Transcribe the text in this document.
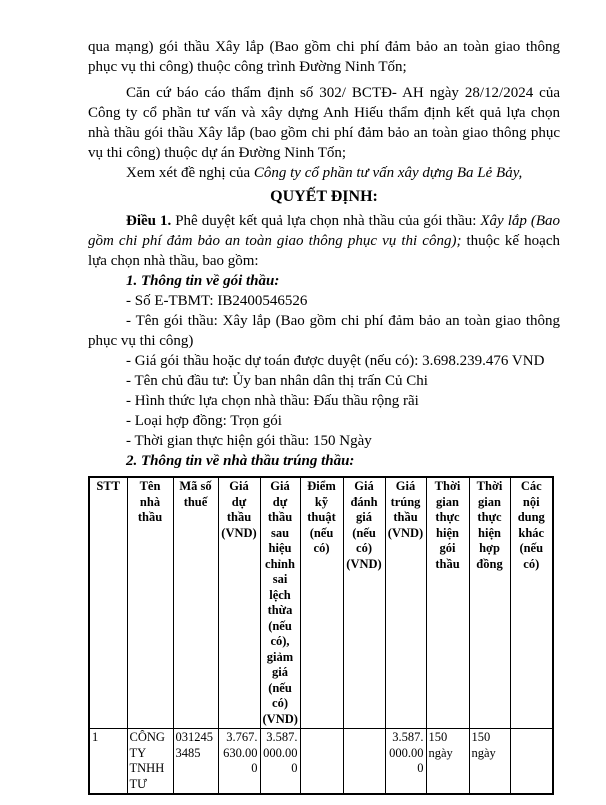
qua mạng) gói thầu Xây lắp (Bao gồm chi phí đảm bảo an toàn giao thông phục vụ thi công) thuộc công trình Đường Ninh Tốn;

Căn cứ báo cáo thẩm định số 302/ BCTĐ- AH ngày 28/12/2024 của Công ty cổ phần tư vấn và xây dựng Anh Hiếu thẩm định kết quả lựa chọn nhà thầu gói thầu Xây lắp (bao gồm chi phí đảm bảo an toàn giao thông phục vụ thi công) thuộc dự án Đường Ninh Tốn;

Xem xét đề nghị của Công ty cổ phần tư vấn xây dựng Ba Lẻ Bảy,

QUYẾT ĐỊNH:

Điều 1. Phê duyệt kết quả lựa chọn nhà thầu của gói thầu: Xây lắp (Bao gồm chi phí đảm bảo an toàn giao thông phục vụ thi công); thuộc kế hoạch lựa chọn nhà thầu, bao gồm:

1. Thông tin về gói thầu:

- Số E-TBMT: IB2400546526

- Tên gói thầu: Xây lắp (Bao gồm chi phí đảm bảo an toàn giao thông phục vụ thi công)

- Giá gói thầu hoặc dự toán được duyệt (nếu có): 3.698.239.476 VND

- Tên chủ đầu tư: Ủy ban nhân dân thị trấn Củ Chi

- Hình thức lựa chọn nhà thầu: Đấu thầu rộng rãi

- Loại hợp đồng: Trọn gói

- Thời gian thực hiện gói thầu: 150 Ngày

2. Thông tin về nhà thầu trúng thầu:

STT	Tên nhà thầu	Mã số thuế	Giá dự thầu (VND)	Giá dự thầu sau hiệu chỉnh sai lệch thừa (nếu có), giảm giá (nếu có) (VND)	Điểm kỹ thuật (nếu có)	Giá đánh giá (nếu có) (VND)	Giá trúng thầu (VND)	Thời gian thực hiện gói thầu	Thời gian thực hiện hợp đồng	Các nội dung khác (nếu có)
1	CÔNG TY TNHH TƯ	0312453485	3.767.630.000	3.587.000.000			3.587.000.000	150 ngày	150 ngày	
